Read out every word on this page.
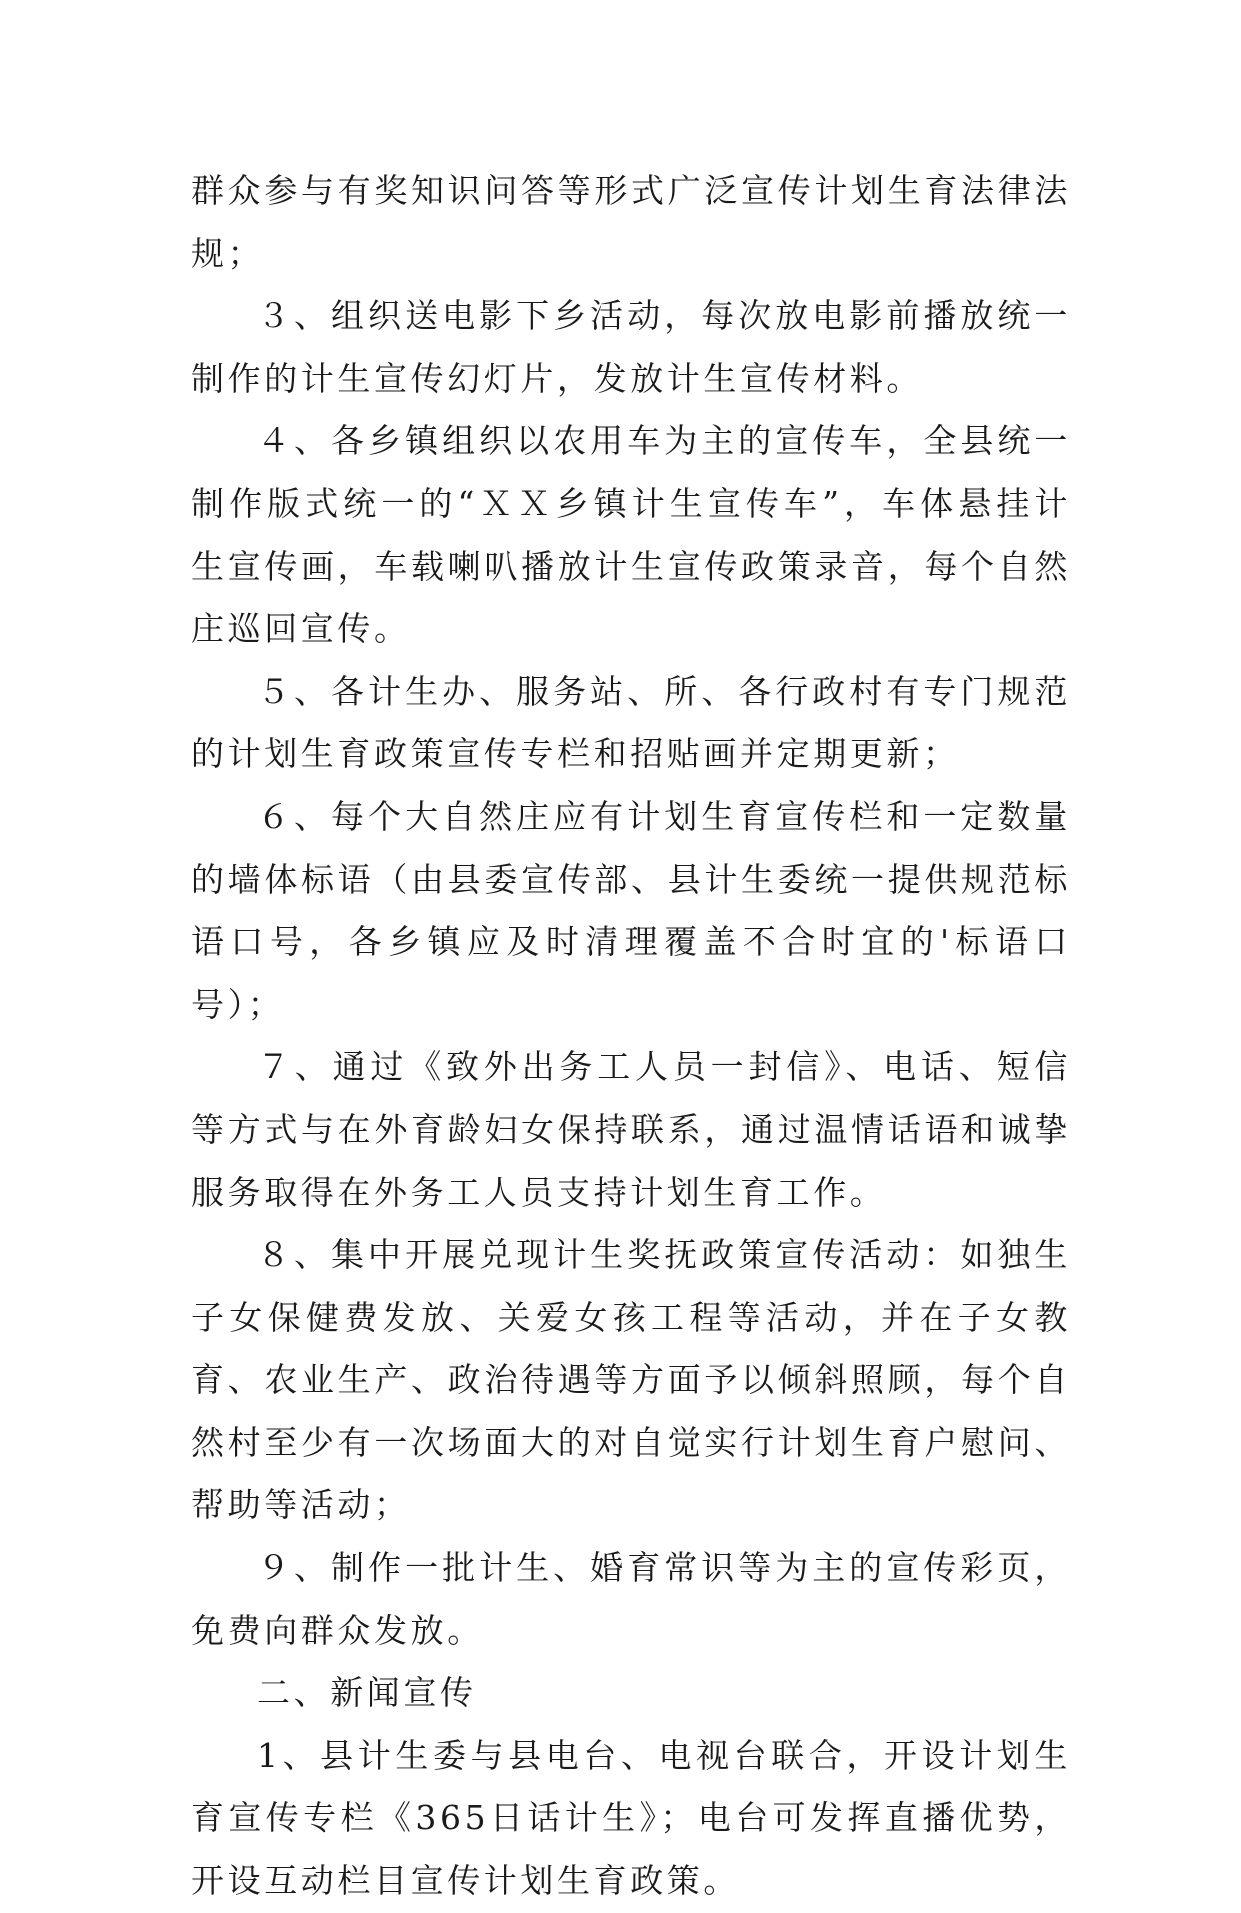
群众参与有奖知识问答等形式广泛宣传计划生育法律法规；

３、组织送电影下乡活动，每次放电影前播放统一制作的计生宣传幻灯片，发放计生宣传材料。

４、各乡镇组织以农用车为主的宣传车，全县统一制作版式统一的“ＸＸ乡镇计生宣传车”，车体悬挂计生宣传画，车载喇叭播放计生宣传政策录音，每个自然庄巡回宣传。

５、各计生办、服务站、所、各行政村有专门规范的计划生育政策宣传专栏和招贴画并定期更新；

６、每个大自然庄应有计划生育宣传栏和一定数量的墙体标语（由县委宣传部、县计生委统一提供规范标语口号，各乡镇应及时清理覆盖不合时宜的'标语口号）；

７、通过《致外出务工人员一封信》、电话、短信等方式与在外育龄妇女保持联系，通过温情话语和诚挚服务取得在外务工人员支持计划生育工作。

８、集中开展兑现计生奖抚政策宣传活动：如独生子女保健费发放、关爱女孩工程等活动，并在子女教育、农业生产、政治待遇等方面予以倾斜照顾，每个自然村至少有一次场面大的对自觉实行计划生育户慰问、帮助等活动；

９、制作一批计生、婚育常识等为主的宣传彩页，免费向群众发放。

二、新闻宣传

1、县计生委与县电台、电视台联合，开设计划生育宣传专栏《365日话计生》；电台可发挥直播优势，开设互动栏目宣传计划生育政策。
